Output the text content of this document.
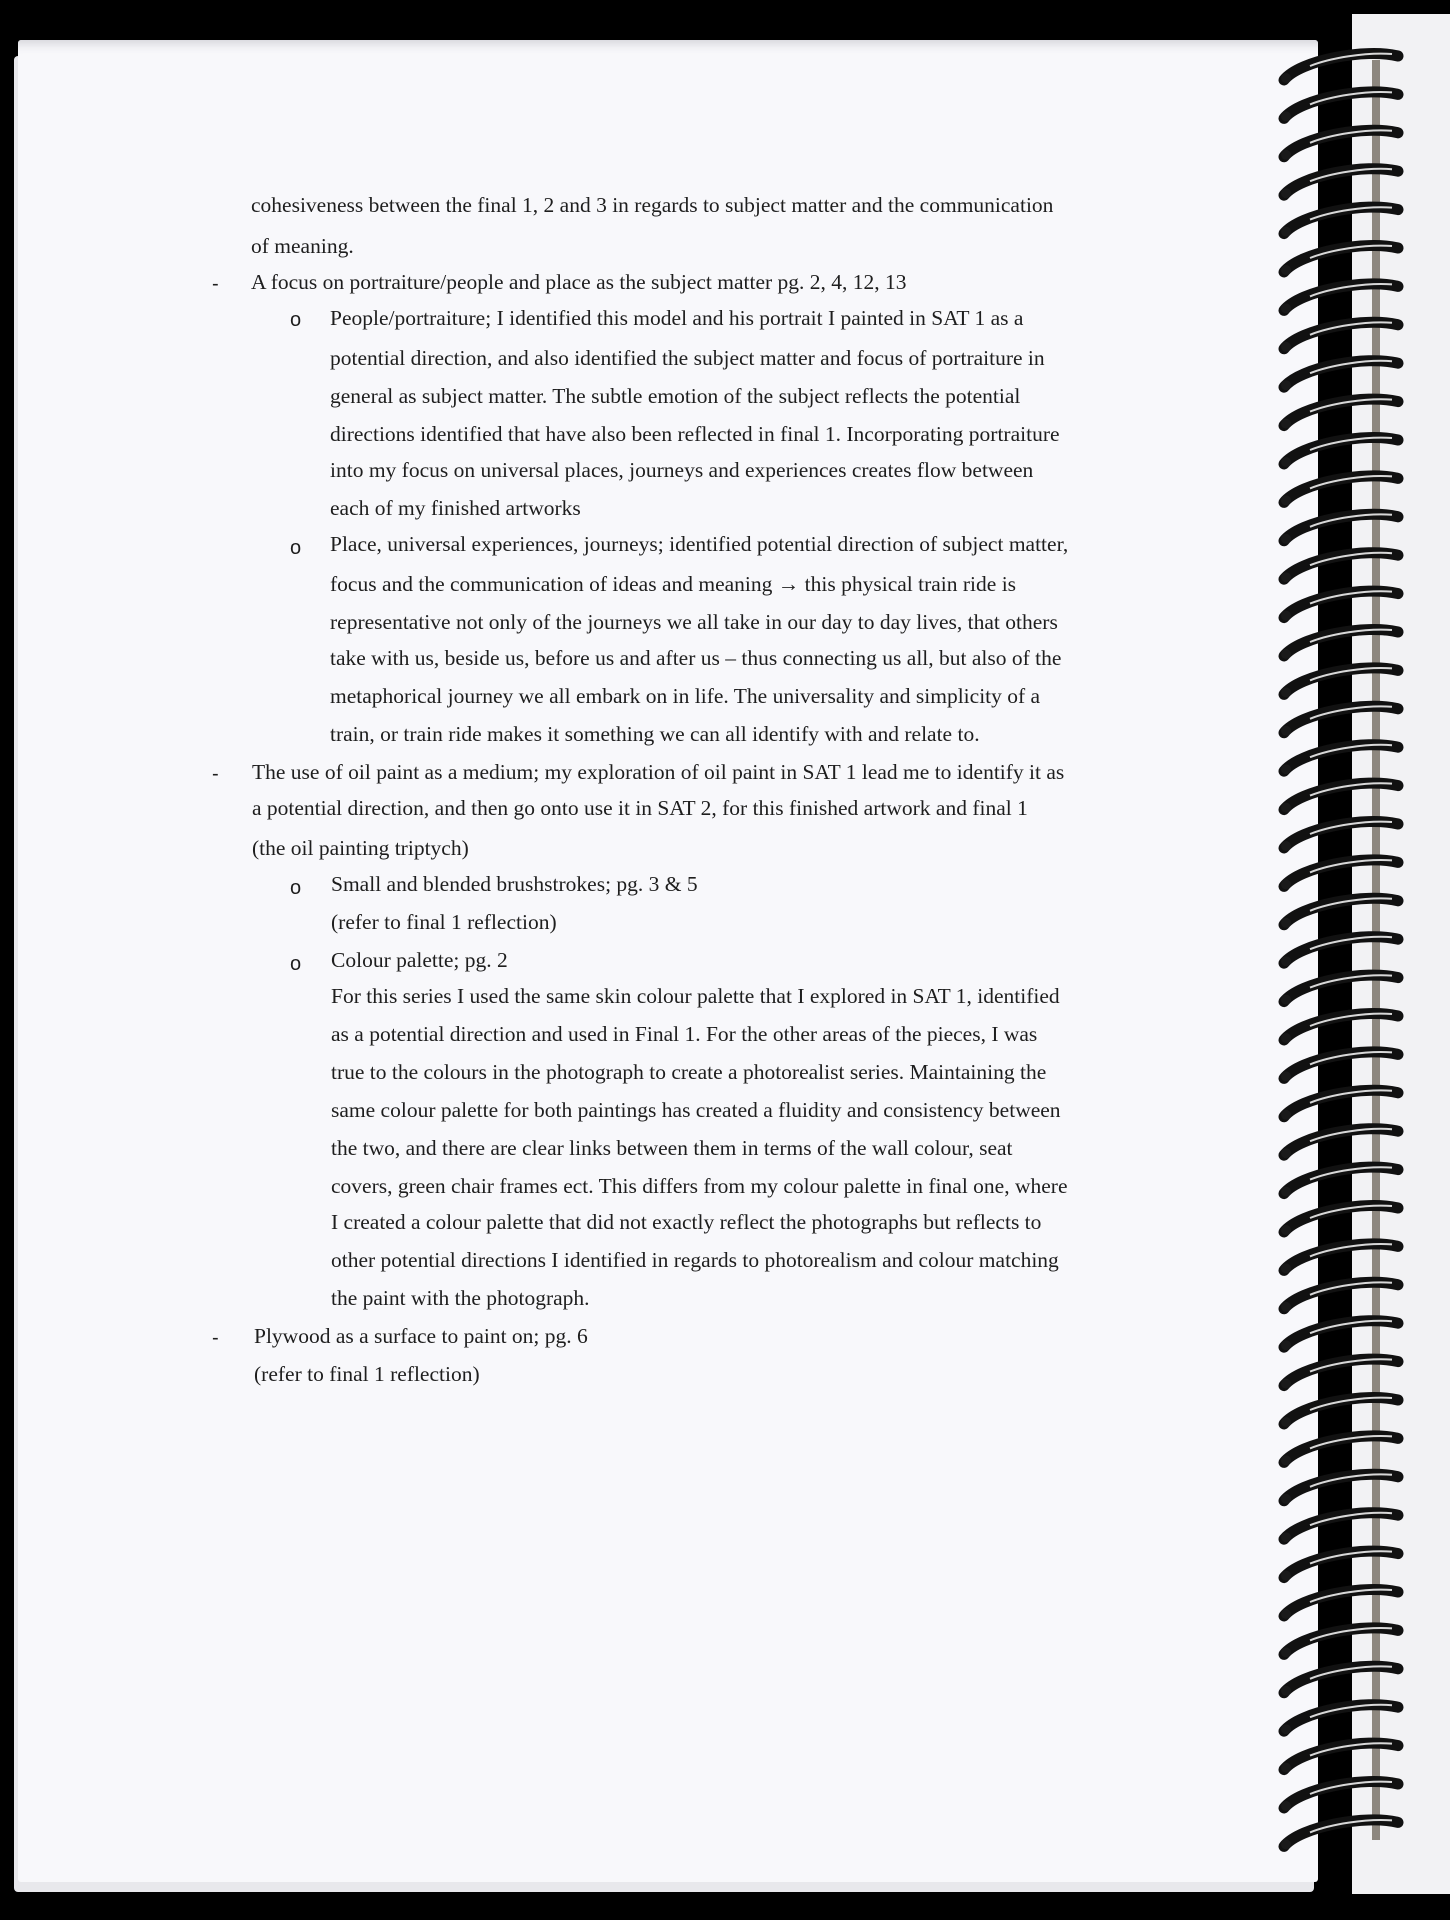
cohesiveness between the final 1, 2 and 3 in regards to subject matter and the communication
of meaning.
- A focus on portraiture/people and place as the subject matter pg. 2, 4, 12, 13
o People/portraiture; I identified this model and his portrait I painted in SAT 1 as a
potential direction, and also identified the subject matter and focus of portraiture in
general as subject matter. The subtle emotion of the subject reflects the potential
directions identified that have also been reflected in final 1. Incorporating portraiture
into my focus on universal places, journeys and experiences creates flow between
each of my finished artworks
o Place, universal experiences, journeys; identified potential direction of subject matter,
focus and the communication of ideas and meaning → this physical train ride is
representative not only of the journeys we all take in our day to day lives, that others
take with us, beside us, before us and after us – thus connecting us all, but also of the
metaphorical journey we all embark on in life. The universality and simplicity of a
train, or train ride makes it something we can all identify with and relate to.
- The use of oil paint as a medium; my exploration of oil paint in SAT 1 lead me to identify it as
a potential direction, and then go onto use it in SAT 2, for this finished artwork and final 1
(the oil painting triptych)
o Small and blended brushstrokes; pg. 3 & 5
(refer to final 1 reflection)
o Colour palette; pg. 2
For this series I used the same skin colour palette that I explored in SAT 1, identified
as a potential direction and used in Final 1. For the other areas of the pieces, I was
true to the colours in the photograph to create a photorealist series. Maintaining the
same colour palette for both paintings has created a fluidity and consistency between
the two, and there are clear links between them in terms of the wall colour, seat
covers, green chair frames ect. This differs from my colour palette in final one, where
I created a colour palette that did not exactly reflect the photographs but reflects to
other potential directions I identified in regards to photorealism and colour matching
the paint with the photograph.
- Plywood as a surface to paint on; pg. 6
(refer to final 1 reflection)
